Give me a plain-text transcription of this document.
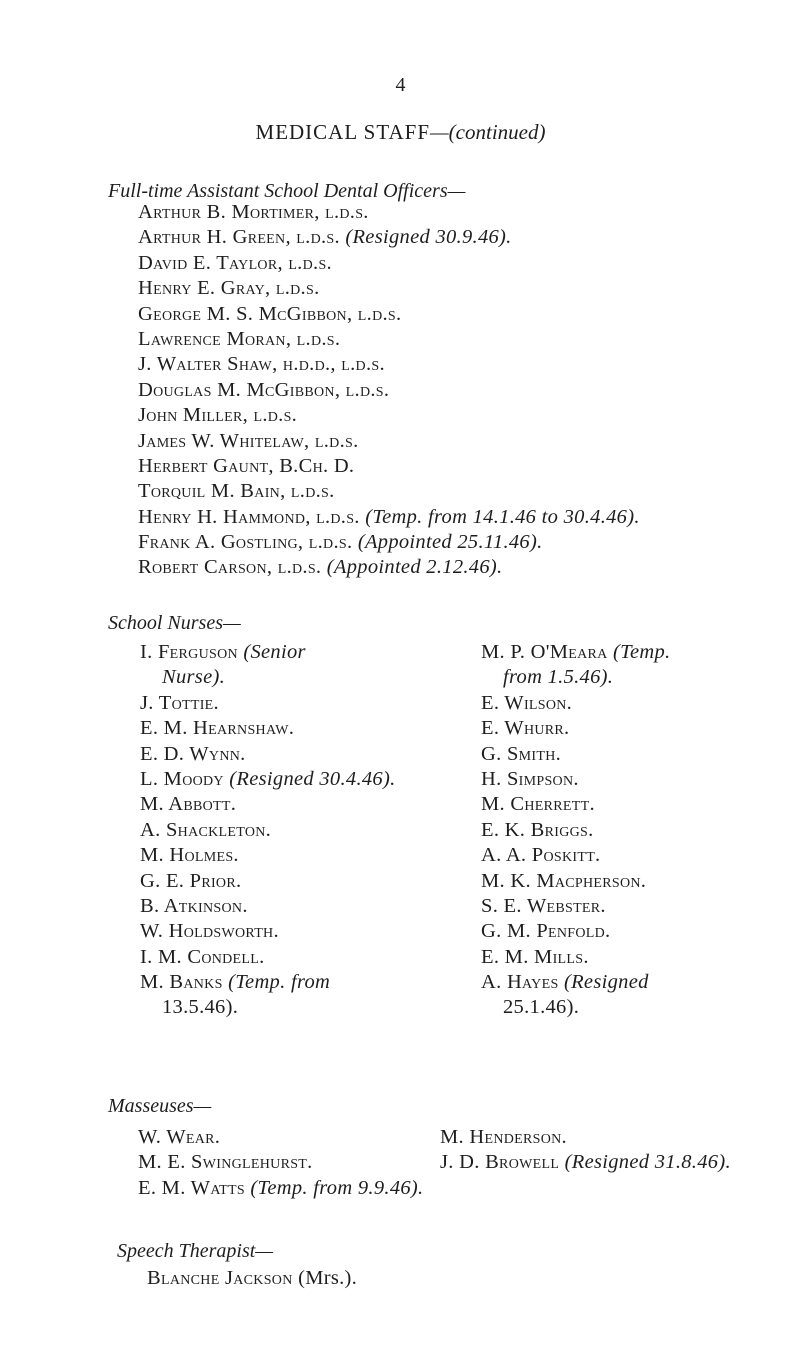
4
MEDICAL STAFF—(continued)
Full-time Assistant School Dental Officers—
Arthur B. Mortimer, l.d.s.
Arthur H. Green, l.d.s. (Resigned 30.9.46).
David E. Taylor, l.d.s.
Henry E. Gray, l.d.s.
George M. S. McGibbon, l.d.s.
Lawrence Moran, l.d.s.
J. Walter Shaw, h.d.d., l.d.s.
Douglas M. McGibbon, l.d.s.
John Miller, l.d.s.
James W. Whitelaw, l.d.s.
Herbert Gaunt, B.Ch. D.
Torquil M. Bain, l.d.s.
Henry H. Hammond, l.d.s. (Temp. from 14.1.46 to 30.4.46).
Frank A. Gostling, l.d.s. (Appointed 25.11.46).
Robert Carson, l.d.s. (Appointed 2.12.46).
School Nurses—
I. Ferguson (Senior
Nurse).
J. Tottie.
E. M. Hearnshaw.
E. D. Wynn.
L. Moody (Resigned 30.4.46).
M. Abbott.
A. Shackleton.
M. Holmes.
G. E. Prior.
B. Atkinson.
W. Holdsworth.
I. M. Condell.
M. Banks (Temp. from
13.5.46).
M. P. O'Meara (Temp.
from 1.5.46).
E. Wilson.
E. Whurr.
G. Smith.
H. Simpson.
M. Cherrett.
E. K. Briggs.
A. A. Poskitt.
M. K. Macpherson.
S. E. Webster.
G. M. Penfold.
E. M. Mills.
A. Hayes (Resigned
25.1.46).
Masseuses—
W. Wear.	M. Henderson.
M. E. Swinglehurst.	J. D. Browell (Resigned 31.8.46).
E. M. Watts (Temp. from 9.9.46).
Speech Therapist—
Blanche Jackson (Mrs.).
